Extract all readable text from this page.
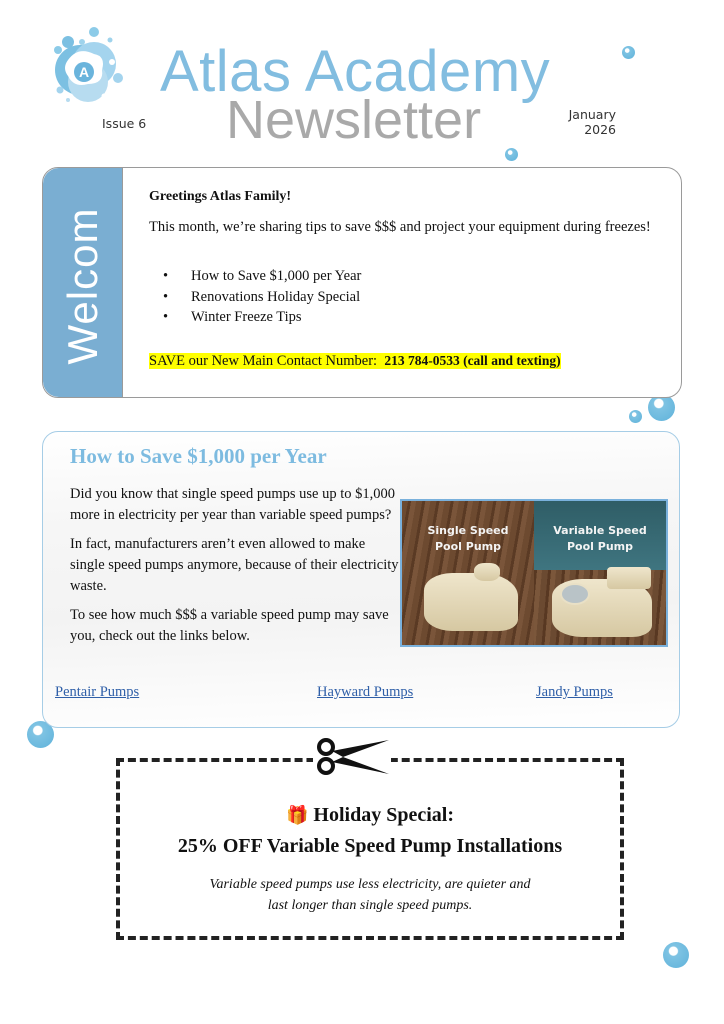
A
Issue 6
Atlas Academy
Newsletter	January
2026
Welcom
Greetings Atlas Family!
This month, we’re sharing tips to save $$$ and project your equipment during freezes!
• How to Save $1,000 per Year
• Renovations Holiday Special
• Winter Freeze Tips
SAVE our New Main Contact Number: 213 784-0533 (call and texting)
How to Save $1,000 per Year

Did you know that single speed pumps use up to $1,000 more in electricity per year than variable speed pumps?

In fact, manufacturers aren’t even allowed to make single speed pumps anymore, because of their electricity waste.

To see how much $$$ a variable speed pump may save you, check out the links below.

Single Speed
Pool Pump
Variable Speed
Pool Pump
Pentair Pumps	Hayward Pumps	Jandy Pumps
🎁 Holiday Special:
25% OFF Variable Speed Pump Installations
Variable speed pumps use less electricity, are quieter and
last longer than single speed pumps.
